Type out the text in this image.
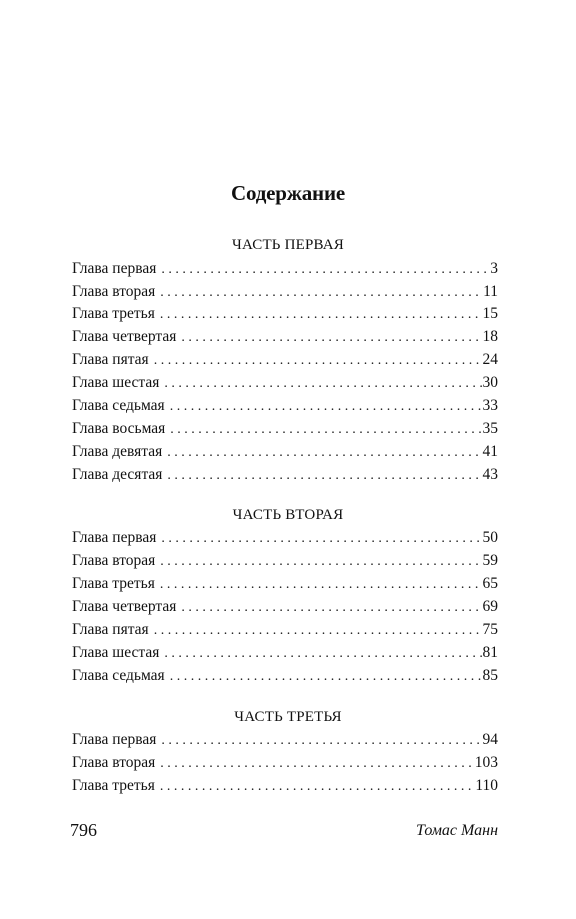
Содержание
ЧАСТЬ ПЕРВАЯ
Глава первая . . .	3
Глава вторая . . .	11
Глава третья . . .	15
Глава четвертая . . .	18
Глава пятая . . .	24
Глава шестая . . .	30
Глава седьмая . . .	33
Глава восьмая . . .	35
Глава девятая . . .	41
Глава десятая . . .	43
ЧАСТЬ ВТОРАЯ
Глава первая . . .	50
Глава вторая . . .	59
Глава третья . . .	65
Глава четвертая . . .	69
Глава пятая . . .	75
Глава шестая . . .	81
Глава седьмая . . .	85
ЧАСТЬ ТРЕТЬЯ
Глава первая . . .	94
Глава вторая . . .	103
Глава третья . . .	110
796	Томас Манн
